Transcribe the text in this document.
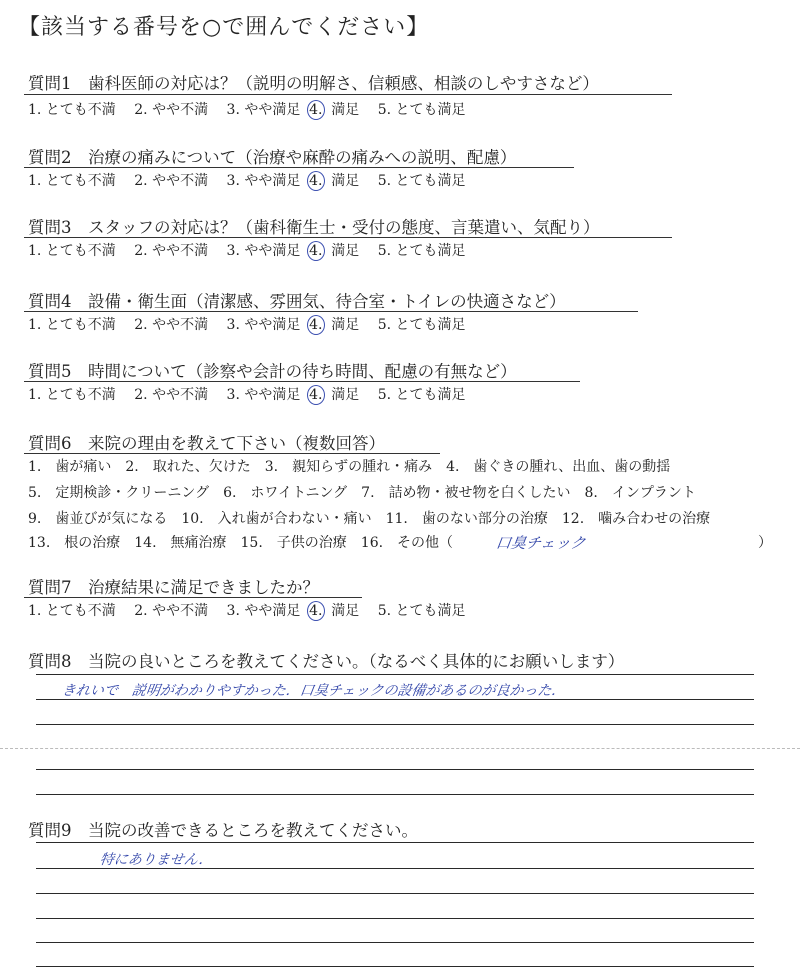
【該当する番号を○で囲んでください】
質問1　歯科医師の対応は？（説明の明解さ、信頼感、相談のしやすさなど）
1. とても不満 2. やや不満 3. やや満足 4. 満足 5. とても満足
質問2　治療の痛みについて（治療や麻酔の痛みへの説明、配慮）
1. とても不満 2. やや不満 3. やや満足 4. 満足 5. とても満足
質問3　スタッフの対応は？（歯科衛生士・受付の態度、言葉遣い、気配り）
1. とても不満 2. やや不満 3. やや満足 4. 満足 5. とても満足
質問4　設備・衛生面（清潔感、雰囲気、待合室・トイレの快適さなど）
1. とても不満 2. やや不満 3. やや満足 4. 満足 5. とても満足
質問5　時間について（診察や会計の待ち時間、配慮の有無など）
1. とても不満 2. やや不満 3. やや満足 4. 満足 5. とても満足
質問6　来院の理由を教えて下さい（複数回答）
1.　歯が痛い　2.　取れた、欠けた　3.　親知らずの腫れ・痛み　4.　歯ぐきの腫れ、出血、歯の動揺
5.　定期検診・クリーニング　6.　ホワイトニング　7.　詰め物・被せ物を白くしたい　8.　インプラント
9.　歯並びが気になる　10.　入れ歯が合わない・痛い　11.　歯のない部分の治療　12.　噛み合わせの治療
13.　根の治療　14.　無痛治療　15.　子供の治療　16.　その他（	口臭チェック	）
質問7　治療結果に満足できましたか？
1. とても不満 2. やや不満 3. やや満足 4. 満足 5. とても満足
質問8　当院の良いところを教えてください。（なるべく具体的にお願いします）
きれいで　説明がわかりやすかった．口臭チェックの設備があるのが良かった．
質問9　当院の改善できるところを教えてください。
特にありません．
